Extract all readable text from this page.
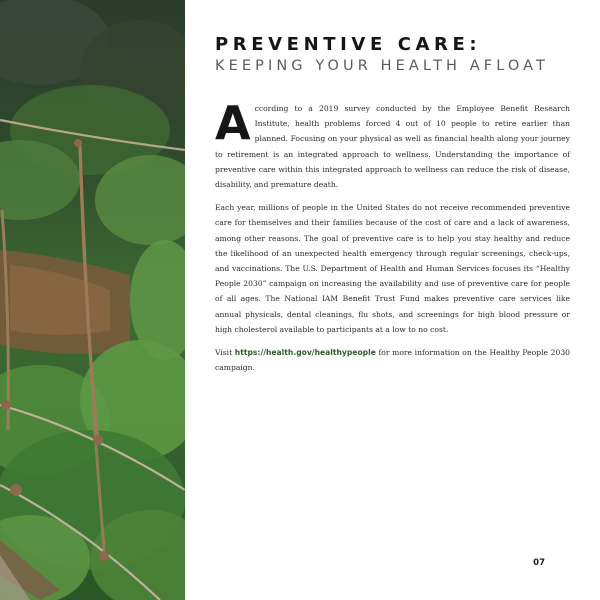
PREVENTIVE CARE:
KEEPING YOUR HEALTH AFLOAT

According to a 2019 survey conducted by the Employee Benefit Research Institute, health problems forced 4 out of 10 people to retire earlier than planned. Focusing on your physical as well as financial health along your journey to retirement is an integrated approach to wellness. Understanding the importance of preventive care within this integrated approach to wellness can reduce the risk of disease, disability, and premature death.

Each year, millions of people in the United States do not receive recommended preventive care for themselves and their families because of the cost of care and a lack of awareness, among other reasons. The goal of preventive care is to help you stay healthy and reduce the likelihood of an unexpected health emergency through regular screenings, check-ups, and vaccinations. The U.S. Department of Health and Human Services focuses its “Healthy People 2030” campaign on increasing the availability and use of preventive care for people of all ages. The National IAM Benefit Trust Fund makes preventive care services like annual physicals, dental cleanings, flu shots, and screenings for high blood pressure or high cholesterol available to participants at a low to no cost.

Visit https://health.gov/healthypeople for more information on the Healthy People 2030 campaign.

07
